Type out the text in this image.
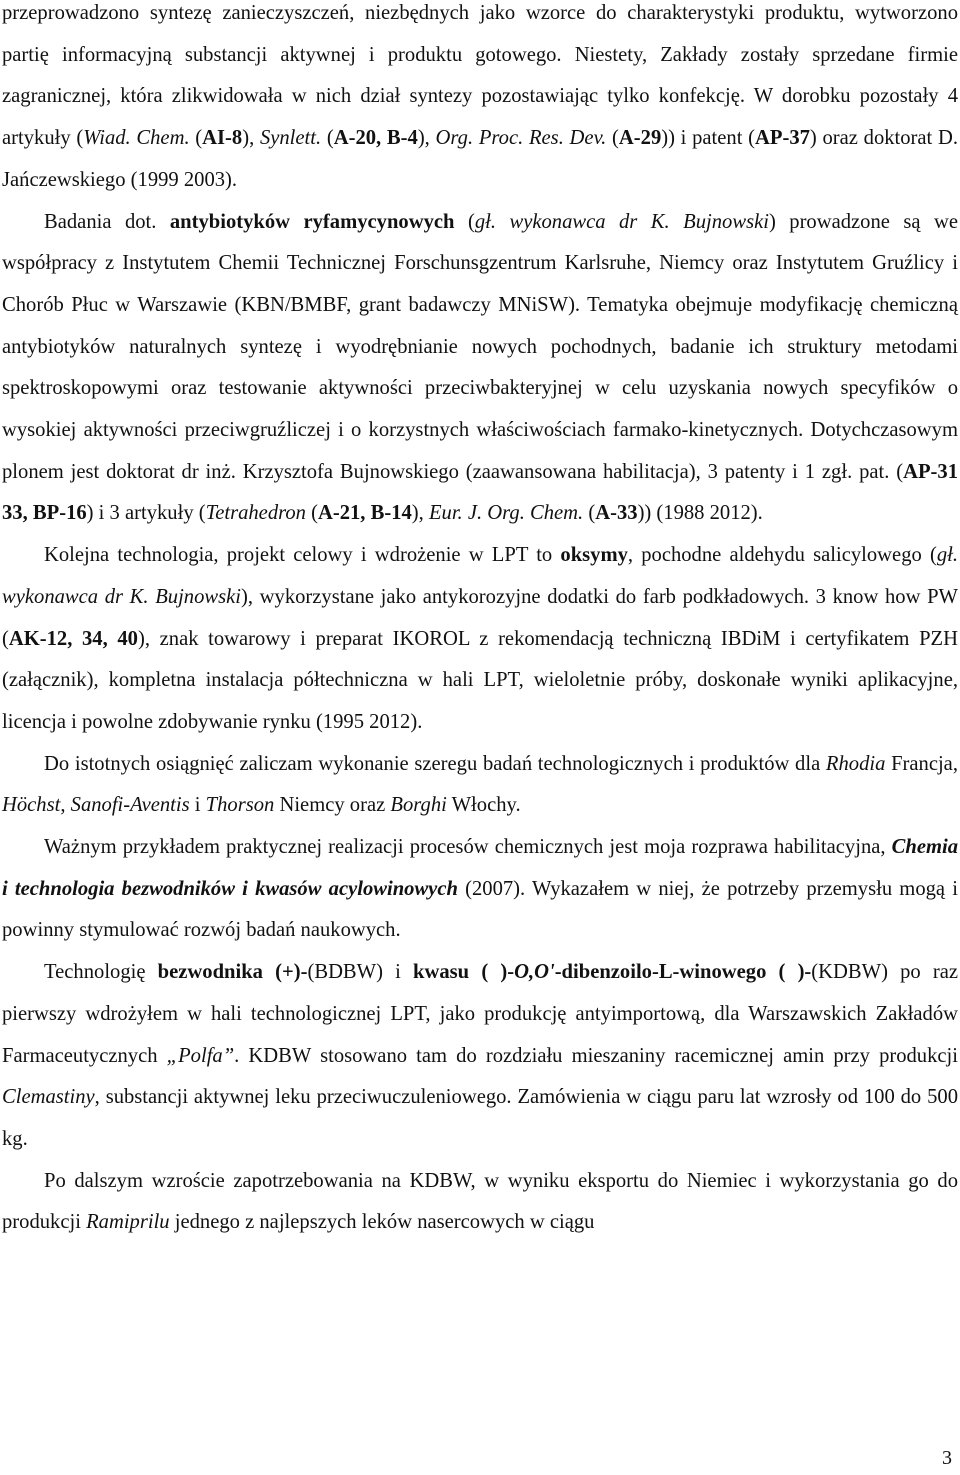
przeprowadzono syntezę zanieczyszczeń, niezbędnych jako wzorce do charakterystyki produktu, wytworzono partię informacyjną substancji aktywnej i produktu gotowego. Niestety, Zakłady zostały sprzedane firmie zagranicznej, która zlikwidowała w nich dział syntezy pozostawiając tylko konfekcję. W dorobku pozostały 4 artykuły (Wiad. Chem. (AI-8), Synlett. (A-20, B-4), Org. Proc. Res. Dev. (A-29)) i patent (AP-37) oraz doktorat D. Jańczewskiego (1999 2003).

Badania dot. antybiotyków ryfamycynowych (gł. wykonawca dr K. Bujnowski) prowadzone są we współpracy z Instytutem Chemii Technicznej Forschunsgzentrum Karlsruhe, Niemcy oraz Instytutem Gruźlicy i Chorób Płuc w Warszawie (KBN/BMBF, grant badawczy MNiSW). Tematyka obejmuje modyfikację chemiczną antybiotyków naturalnych syntezę i wyodrębnianie nowych pochodnych, badanie ich struktury metodami spektroskopowymi oraz testowanie aktywności przeciwbakteryjnej w celu uzyskania nowych specyfików o wysokiej aktywności przeciwgruźliczej i o korzystnych właściwościach farmako-kinetycznych. Dotychczasowym plonem jest doktorat dr inż. Krzysztofa Bujnowskiego (zaawansowana habilitacja), 3 patenty i 1 zgł. pat. (AP-31 33, BP-16) i 3 artykuły (Tetrahedron (A-21, B-14), Eur. J. Org. Chem. (A-33)) (1988 2012).

Kolejna technologia, projekt celowy i wdrożenie w LPT to oksymy, pochodne aldehydu salicylowego (gł. wykonawca dr K. Bujnowski), wykorzystane jako antykorozyjne dodatki do farb podkładowych. 3 know how PW (AK-12, 34, 40), znak towarowy i preparat IKOROL z rekomendacją techniczną IBDiM i certyfikatem PZH (załącznik), kompletna instalacja półtechniczna w hali LPT, wieloletnie próby, doskonałe wyniki aplikacyjne, licencja i powolne zdobywanie rynku (1995 2012).

Do istotnych osiągnięć zaliczam wykonanie szeregu badań technologicznych i produktów dla Rhodia Francja, Höchst, Sanofi-Aventis i Thorson Niemcy oraz Borghi Włochy.

Ważnym przykładem praktycznej realizacji procesów chemicznych jest moja rozprawa habilitacyjna, Chemia i technologia bezwodników i kwasów acylowinowych (2007). Wykazałem w niej, że potrzeby przemysłu mogą i powinny stymulować rozwój badań naukowych.

Technologię bezwodnika (+)-(BDBW) i kwasu ( )-O,O'-dibenzoilo-L-winowego ( )-(KDBW) po raz pierwszy wdrożyłem w hali technologicznej LPT, jako produkcję antyimportową, dla Warszawskich Zakładów Farmaceutycznych „Polfa”. KDBW stosowano tam do rozdziału mieszaniny racemicznej amin przy produkcji Clemastiny, substancji aktywnej leku przeciwuczuleniowego. Zamówienia w ciągu paru lat wzrosły od 100 do 500 kg.

Po dalszym wzroście zapotrzebowania na KDBW, w wyniku eksportu do Niemiec i wykorzystania go do produkcji Ramiprilu jednego z najlepszych leków nasercowych w ciągu

3
